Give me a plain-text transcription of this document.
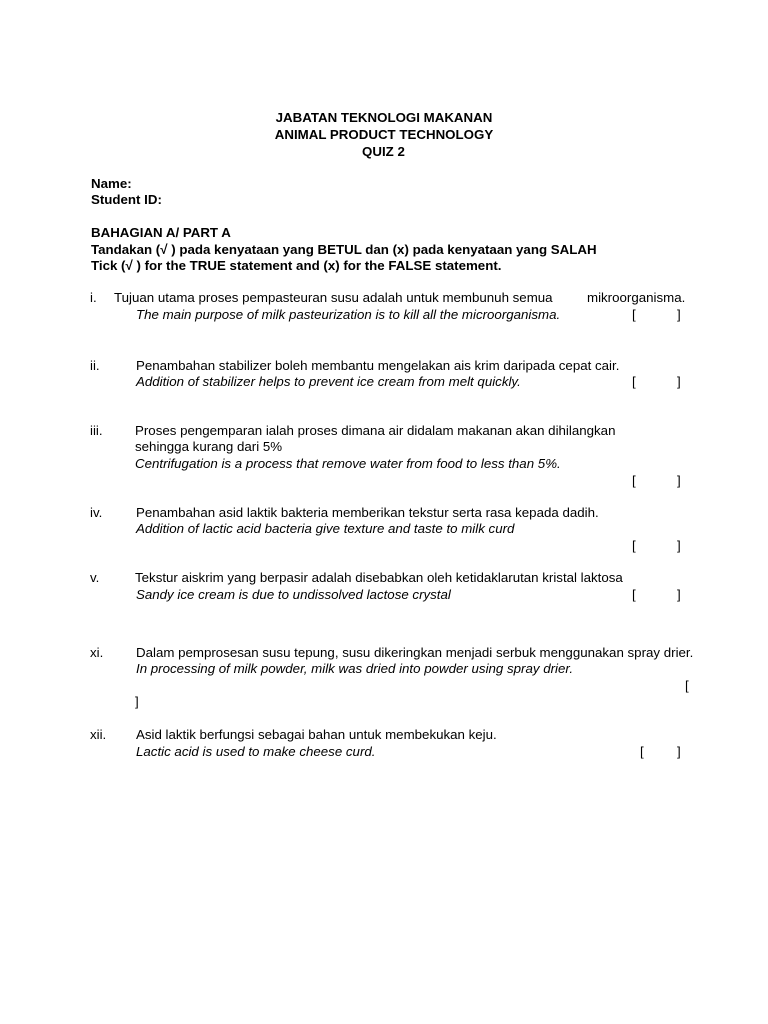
JABATAN TEKNOLOGI MAKANAN
ANIMAL PRODUCT TECHNOLOGY
QUIZ 2
Name:
Student ID:
BAHAGIAN A/ PART A
Tandakan (√ ) pada kenyataan yang BETUL dan (x) pada kenyataan yang SALAH
Tick (√ ) for the TRUE statement and (x) for the FALSE statement.
i. Tujuan utama proses pempasteuran susu adalah untuk membunuh semua	mikroorganisma.
The main purpose of milk pasteurization is to kill all the microorganisma.	[	]
ii.	Penambahan stabilizer boleh membantu mengelakan ais krim daripada cepat cair.
Addition of stabilizer helps to prevent ice cream from melt quickly.	[	]
iii. Proses pengemparan ialah proses dimana air didalam makanan akan dihilangkan
sehingga kurang dari 5%
Centrifugation is a process that remove water from food to less than 5%.
[	]
iv.	Penambahan asid laktik bakteria memberikan tekstur serta rasa kepada dadih.
Addition of lactic acid bacteria give texture and taste to milk curd
[	]
v.	Tekstur aiskrim yang berpasir adalah disebabkan oleh ketidaklarutan kristal laktosa
Sandy ice cream is due to undissolved lactose crystal	[	]
xi. Dalam pemprosesan susu tepung, susu dikeringkan menjadi serbuk menggunakan spray drier.
In processing of milk powder, milk was dried into powder using spray drier.
[
]
xii. Asid laktik berfungsi sebagai bahan untuk membekukan keju.
Lactic acid is used to make cheese curd.	[	]
